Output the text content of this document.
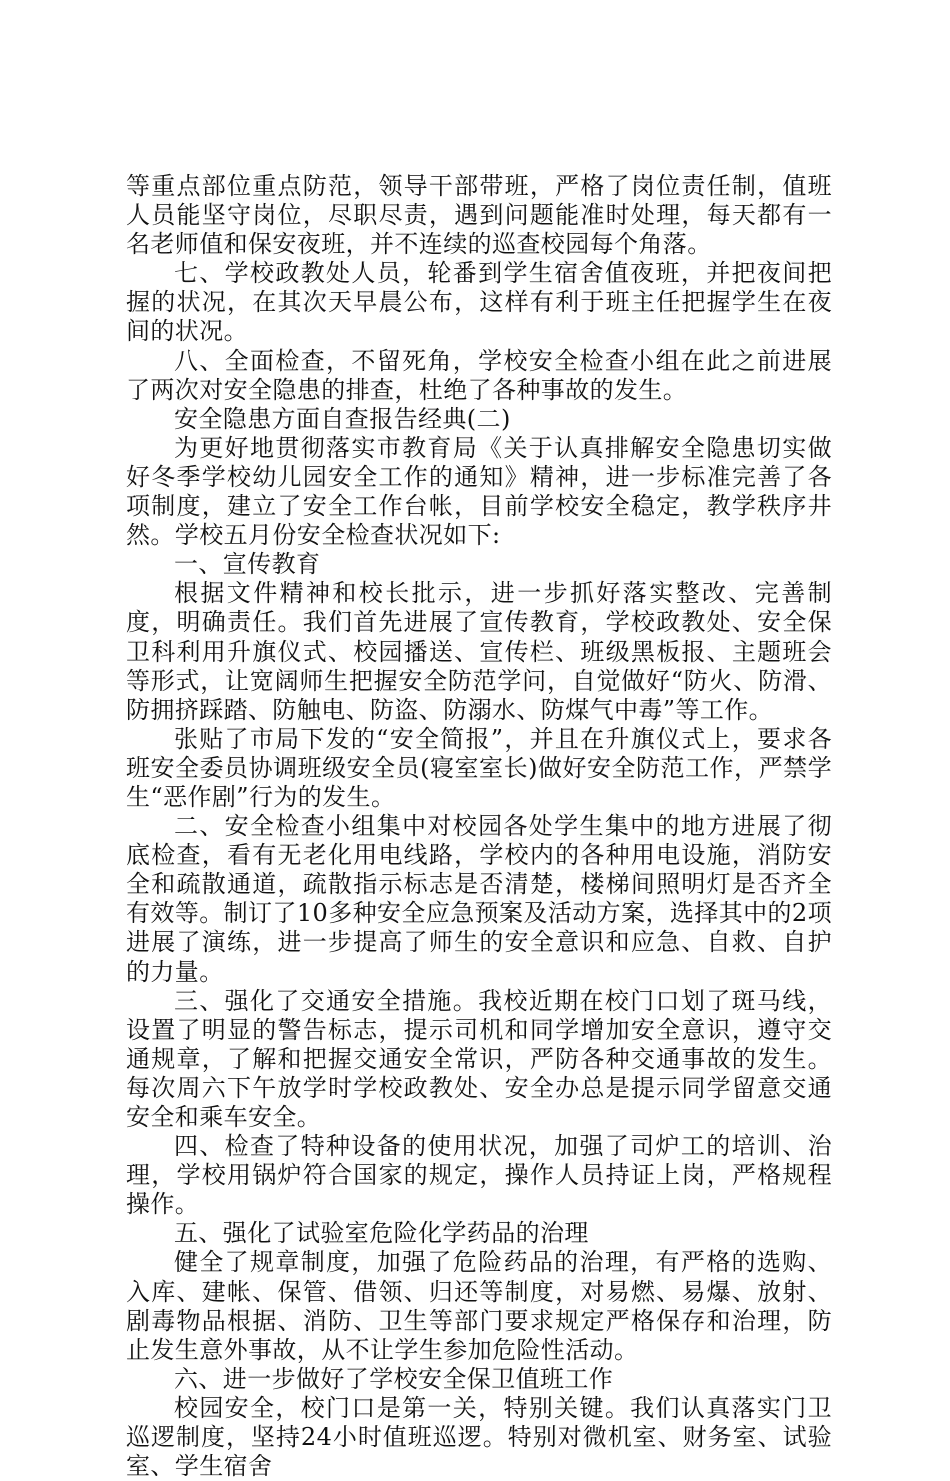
等重点部位重点防范，领导干部带班，严格了岗位责任制，值班人员能坚守岗位，尽职尽责，遇到问题能准时处理，每天都有一名老师值和保安夜班，并不连续的巡查校园每个角落。

七、学校政教处人员，轮番到学生宿舍值夜班，并把夜间把握的状况，在其次天早晨公布，这样有利于班主任把握学生在夜间的状况。

八、全面检查，不留死角，学校安全检查小组在此之前进展了两次对安全隐患的排查，杜绝了各种事故的发生。

安全隐患方面自查报告经典(二)

为更好地贯彻落实市教育局《关于认真排解安全隐患切实做好冬季学校幼儿园安全工作的通知》精神，进一步标准完善了各项制度，建立了安全工作台帐，目前学校安全稳定，教学秩序井然。学校五月份安全检查状况如下:

一、宣传教育

根据文件精神和校长批示，进一步抓好落实整改、完善制度，明确责任。我们首先进展了宣传教育，学校政教处、安全保卫科利用升旗仪式、校园播送、宣传栏、班级黑板报、主题班会等形式，让宽阔师生把握安全防范学问，自觉做好“防火、防滑、防拥挤踩踏、防触电、防盗、防溺水、防煤气中毒”等工作。

张贴了市局下发的“安全简报”，并且在升旗仪式上，要求各班安全委员协调班级安全员(寝室室长)做好安全防范工作，严禁学生“恶作剧”行为的发生。

二、安全检查小组集中对校园各处学生集中的地方进展了彻底检查，看有无老化用电线路，学校内的各种用电设施，消防安全和疏散通道，疏散指示标志是否清楚，楼梯间照明灯是否齐全有效等。制订了10多种安全应急预案及活动方案，选择其中的2项进展了演练，进一步提高了师生的安全意识和应急、自救、自护的力量。

三、强化了交通安全措施。我校近期在校门口划了斑马线，设置了明显的警告标志，提示司机和同学增加安全意识，遵守交通规章，了解和把握交通安全常识，严防各种交通事故的发生。每次周六下午放学时学校政教处、安全办总是提示同学留意交通安全和乘车安全。

四、检查了特种设备的使用状况，加强了司炉工的培训、治理，学校用锅炉符合国家的规定，操作人员持证上岗，严格规程操作。

五、强化了试验室危险化学药品的治理

健全了规章制度，加强了危险药品的治理，有严格的选购、入库、建帐、保管、借领、归还等制度，对易燃、易爆、放射、剧毒物品根据、消防、卫生等部门要求规定严格保存和治理，防止发生意外事故，从不让学生参加危险性活动。

六、进一步做好了学校安全保卫值班工作

校园安全，校门口是第一关，特别关键。我们认真落实门卫巡逻制度，坚持24小时值班巡逻。特别对微机室、财务室、试验室、学生宿舍
